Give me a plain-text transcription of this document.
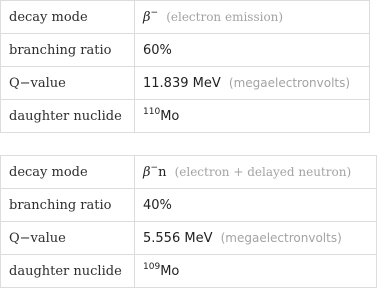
decay mode	β− (electron emission)
branching ratio	60%
Q−value	11.839 MeV (megaelectronvolts)
daughter nuclide	$^{110}$Mo
decay mode	β−n (electron + delayed neutron)
branching ratio	40%
Q−value	5.556 MeV (megaelectronvolts)
daughter nuclide	$^{109}$Mo
